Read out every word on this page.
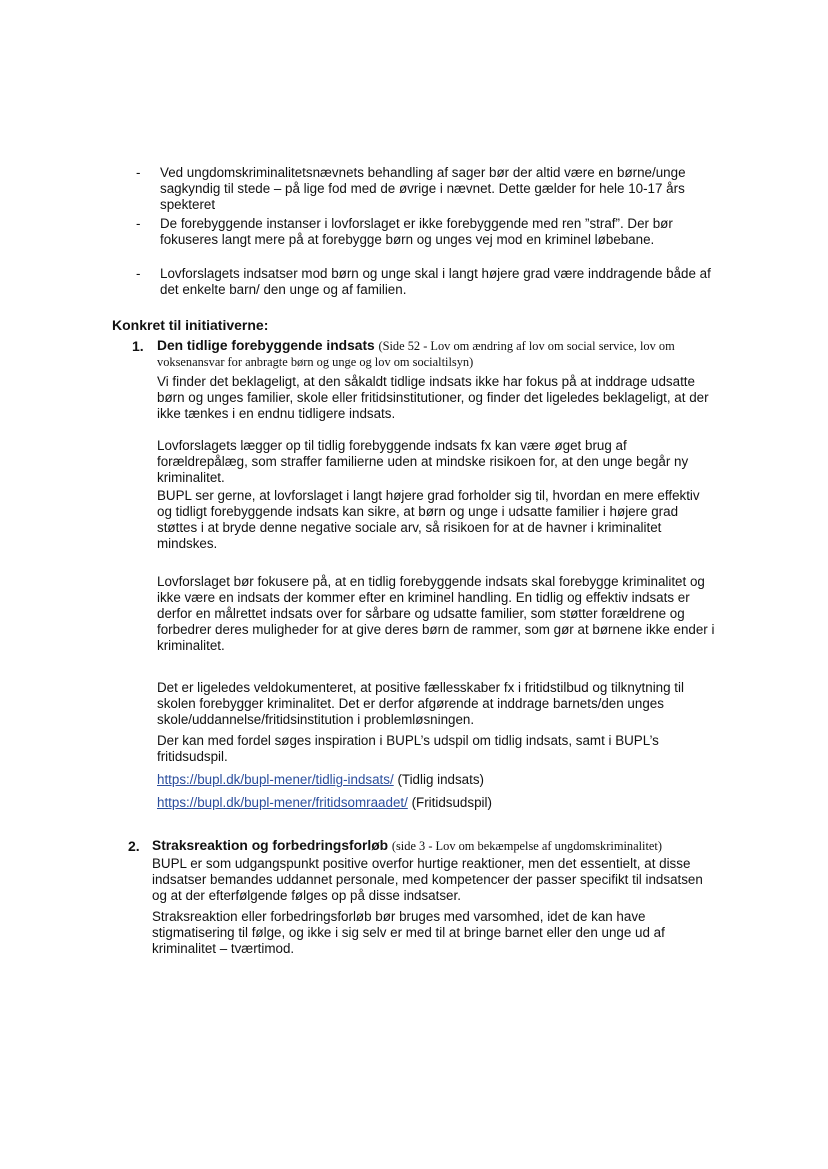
-	Ved ungdomskriminalitetsnævnets behandling af sager bør der altid være en børne/unge sagkyndig til stede – på lige fod med de øvrige i nævnet. Dette gælder for hele 10-17 års spekteret
-	De forebyggende instanser i lovforslaget er ikke forebyggende med ren ”straf”. Der bør fokuseres langt mere på at forebygge børn og unges vej mod en kriminel løbebane.
-	Lovforslagets indsatser mod børn og unge skal i langt højere grad være inddragende både af det enkelte barn/ den unge og af familien.
Konkret til initiativerne:
1. Den tidlige forebyggende indsats (Side 52 - Lov om ændring af lov om social service, lov om voksenansvar for anbragte børn og unge og lov om socialtilsyn)
Vi finder det beklageligt, at den såkaldt tidlige indsats ikke har fokus på at inddrage udsatte børn og unges familier, skole eller fritidsinstitutioner, og finder det ligeledes beklageligt, at der ikke tænkes i en endnu tidligere indsats.
Lovforslagets lægger op til tidlig forebyggende indsats fx kan være øget brug af forældrepålæg, som straffer familierne uden at mindske risikoen for, at den unge begår ny kriminalitet.
BUPL ser gerne, at lovforslaget i langt højere grad forholder sig til, hvordan en mere effektiv og tidligt forebyggende indsats kan sikre, at børn og unge i udsatte familier i højere grad støttes i at bryde denne negative sociale arv, så risikoen for at de havner i kriminalitet mindskes.
Lovforslaget bør fokusere på, at en tidlig forebyggende indsats skal forebygge kriminalitet og ikke være en indsats der kommer efter en kriminel handling. En tidlig og effektiv indsats er derfor en målrettet indsats over for sårbare og udsatte familier, som støtter forældrene og forbedrer deres muligheder for at give deres børn de rammer, som gør at børnene ikke ender i kriminalitet.
Det er ligeledes veldokumenteret, at positive fællesskaber fx i fritidstilbud og tilknytning til skolen forebygger kriminalitet. Det er derfor afgørende at inddrage barnets/den unges skole/uddannelse/fritidsinstitution i problemløsningen.
Der kan med fordel søges inspiration i BUPL’s udspil om tidlig indsats, samt i BUPL’s fritidsudspil.
https://bupl.dk/bupl-mener/tidlig-indsats/ (Tidlig indsats)
https://bupl.dk/bupl-mener/fritidsomraadet/ (Fritidsudspil)
2. Straksreaktion og forbedringsforløb (side 3 - Lov om bekæmpelse af ungdomskriminalitet)
BUPL er som udgangspunkt positive overfor hurtige reaktioner, men det essentielt, at disse indsatser bemandes uddannet personale, med kompetencer der passer specifikt til indsatsen og at der efterfølgende følges op på disse indsatser.
Straksreaktion eller forbedringsforløb bør bruges med varsomhed, idet de kan have stigmatisering til følge, og ikke i sig selv er med til at bringe barnet eller den unge ud af kriminalitet – tværtimod.
